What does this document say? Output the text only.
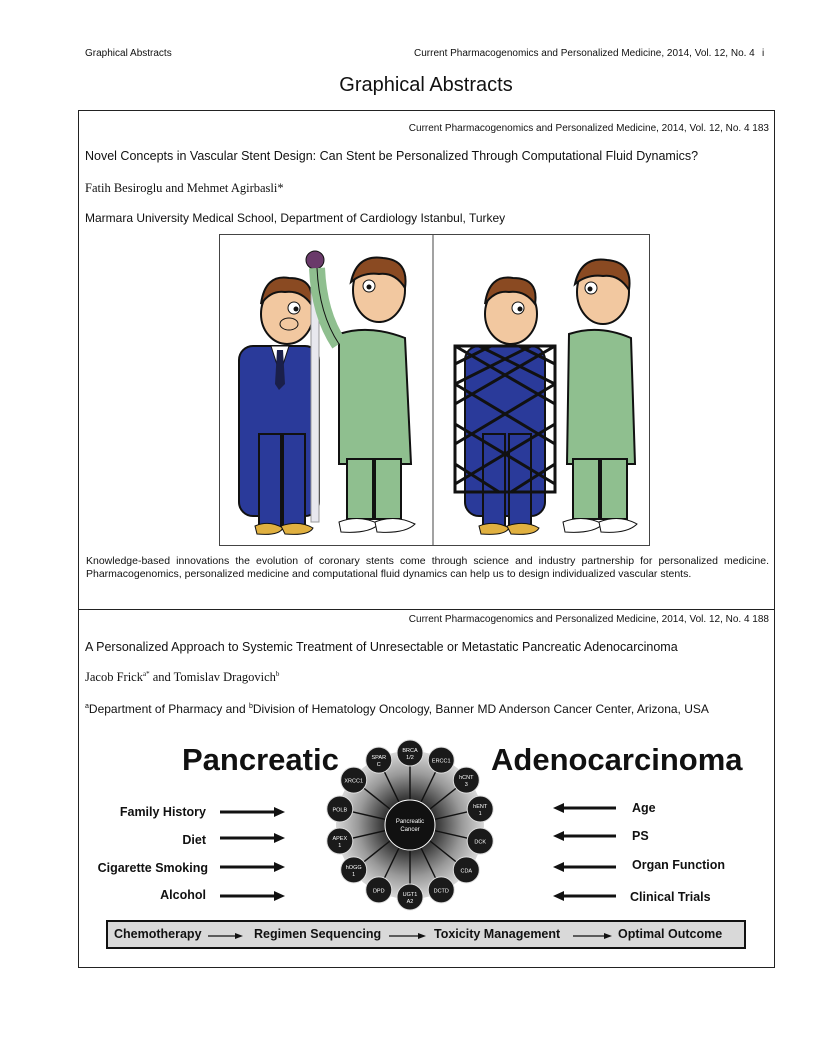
Graphical Abstracts	Current Pharmacogenomics and Personalized Medicine, 2014, Vol. 12, No. 4 i
Graphical Abstracts
Current Pharmacogenomics and Personalized Medicine, 2014, Vol. 12, No. 4 183
Novel Concepts in Vascular Stent Design: Can Stent be Personalized Through Computational Fluid Dynamics?
Fatih Besiroglu and Mehmet Agirbasli*
Marmara University Medical School, Department of Cardiology Istanbul, Turkey
Knowledge-based innovations the evolution of coronary stents come through science and industry partnership for personalized medicine. Pharmacogenomics, personalized medicine and computational fluid dynamics can help us to design individualized vascular stents.
Current Pharmacogenomics and Personalized Medicine, 2014, Vol. 12, No. 4 188
A Personalized Approach to Systemic Treatment of Unresectable or Metastatic Pancreatic Adenocarcinoma
Jacob Frick$^{a*}$ and Tomislav Dragovich$^b$
$^a$Department of Pharmacy and $^b$Division of Hematology Oncology, Banner MD Anderson Cancer Center, Arizona, USA
Pancreatic	Adenocarcinoma
BRCA
1/2
ERCC1
hCNT
3
hENT
1
DCK
CDA
DCTD
UGT1
A2
DPD
hOGG
1
APEX
1
POLB
XRCC1
SPAR
C
Pancreatic
Cancer
Family History
Diet
Cigarette Smoking
Alcohol
Age
PS
Organ Function
Clinical Trials
Chemotherapy	Regimen Sequencing	Toxicity Management	Optimal Outcome
